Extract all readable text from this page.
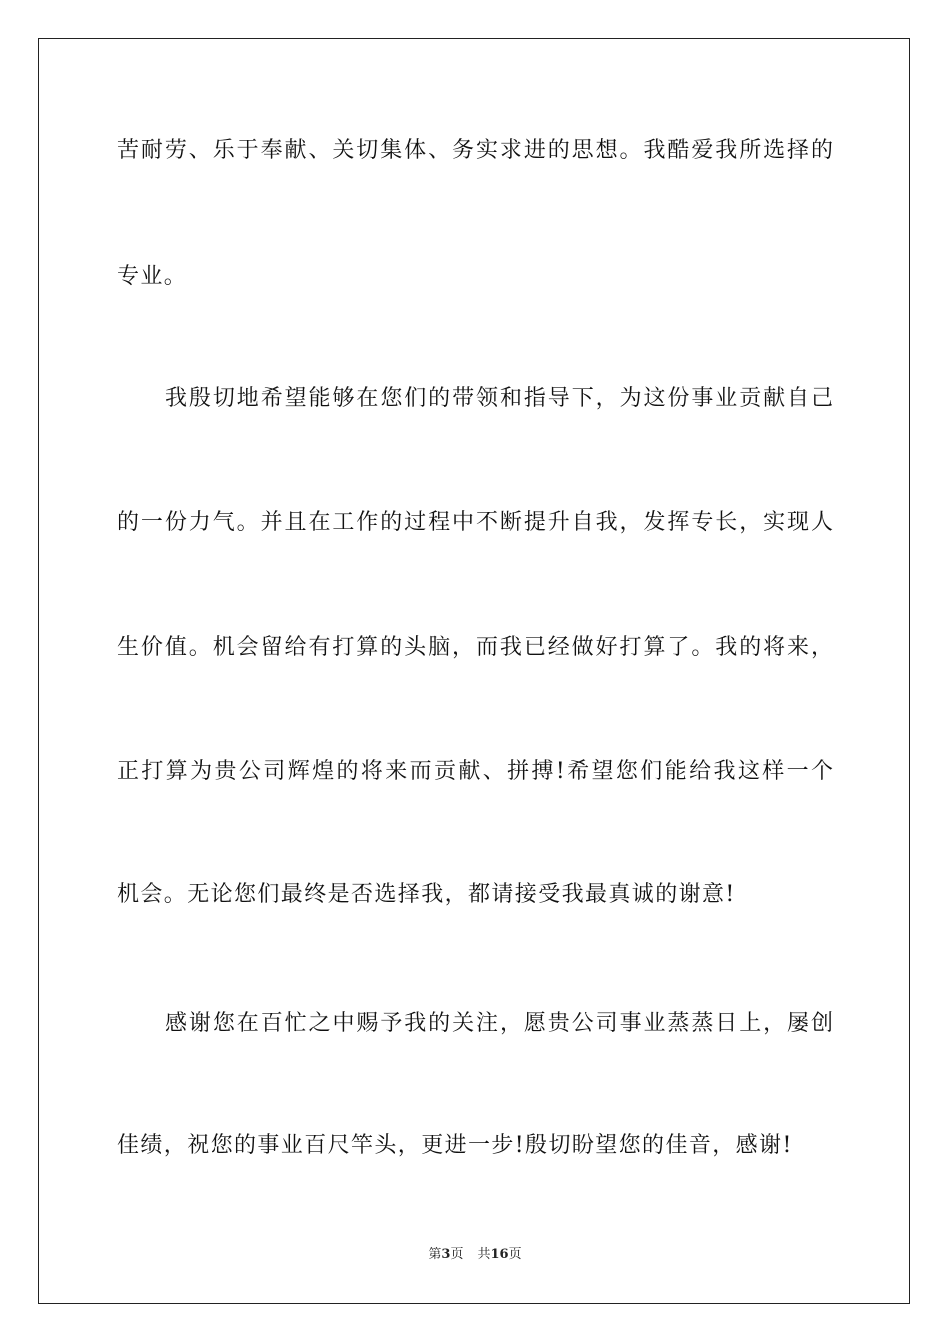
苦耐劳、乐于奉献、关切集体、务实求进的思想。我酷爱我所选择的
专业。
我殷切地希望能够在您们的带领和指导下，为这份事业贡献自己
的一份力气。并且在工作的过程中不断提升自我，发挥专长，实现人
生价值。机会留给有打算的头脑，而我已经做好打算了。我的将来，
正打算为贵公司辉煌的将来而贡献、拼搏!希望您们能给我这样一个
机会。无论您们最终是否选择我，都请接受我最真诚的谢意!
感谢您在百忙之中赐予我的关注，愿贵公司事业蒸蒸日上，屡创
佳绩，祝您的事业百尺竿头，更进一步!殷切盼望您的佳音，感谢!
第3页 共16页
